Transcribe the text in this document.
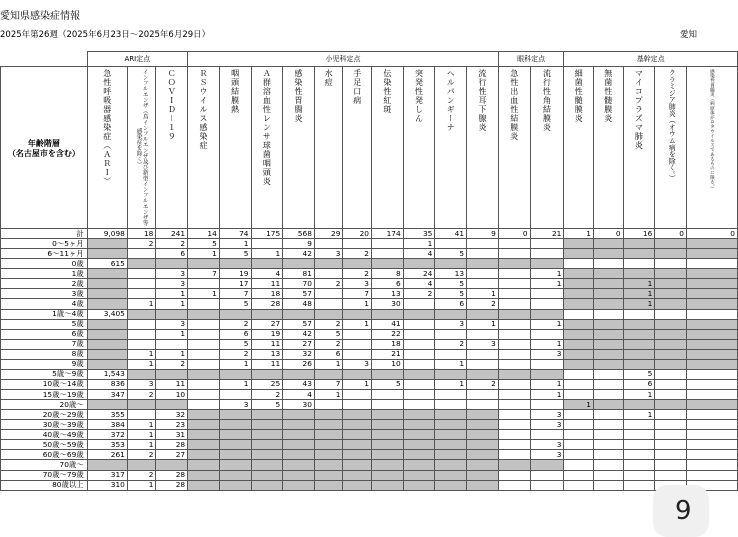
愛知県感染症情報
2025年第26週（2025年6月23日～2025年6月29日）	愛知
	ARI定点			小児科定点										眼科定点		基幹定点				
年齢階層
（名古屋市を含む）	急性呼吸器感染症（ＡＲＩ）	インフルエンザ（鳥インフルエンザ及び新型インフルエンザ等感染症を除く）	ＣＯＶＩＤ－１９	ＲＳウイルス感染症	咽頭結膜熱	Ａ群溶血性レンサ球菌咽頭炎	感染性胃腸炎	水痘	手足口病	伝染性紅斑	突発性発しん	ヘルパンギーナ	流行性耳下腺炎	急性出血性結膜炎	流行性角結膜炎	細菌性髄膜炎	無菌性髄膜炎	マイコプラズマ肺炎	クラミジア肺炎（オウム病を除く。）	感染性胃腸炎（病原体がロタウイルスであるものに限る。）
計	9,098	18	241	14	74	175	568	29	20	174	35	41	9	0	21	1	0	16	0	0
0～5ヶ月		2	2	5	1		9				1									
6～11ヶ月			6	1	5	1	42	3	2		4	5								
0歳	615																			
1歳			3	7	19	4	81		2	8	24	13			1					
2歳			3		17	11	70	2	3	6	4	5			1			1		
3歳			1	1	7	18	57		7	13	2	5	1					1		
4歳		1	1		5	28	48		1	30		6	2					1		
1歳～4歳	3,405																			
5歳			3		2	27	57	2	1	41		3	1		1					
6歳			1		6	19	42	5		22										
7歳					5	11	27	2		18		2	3		1					
8歳		1	1		2	13	32	6		21					3					
9歳		1	2		1	11	26	1	3	10		1								
5歳～9歳	1,543																	5		
10歳～14歳	836	3	11		1	25	43	7	1	5		1	2		1			6		
15歳～19歳	347	2	10			2	4	1							1			1		
20歳～					3	5	30									1				
20歳～29歳	355		32												3			1		
30歳～39歳	384	1	23												3					
40歳～49歳	372	1	31																	
50歳～59歳	353	1	28												3					
60歳～69歳	261	2	27												3					
70歳～																				
70歳～79歳	317	2	28																	
80歳以上	310	1	28																	
9
